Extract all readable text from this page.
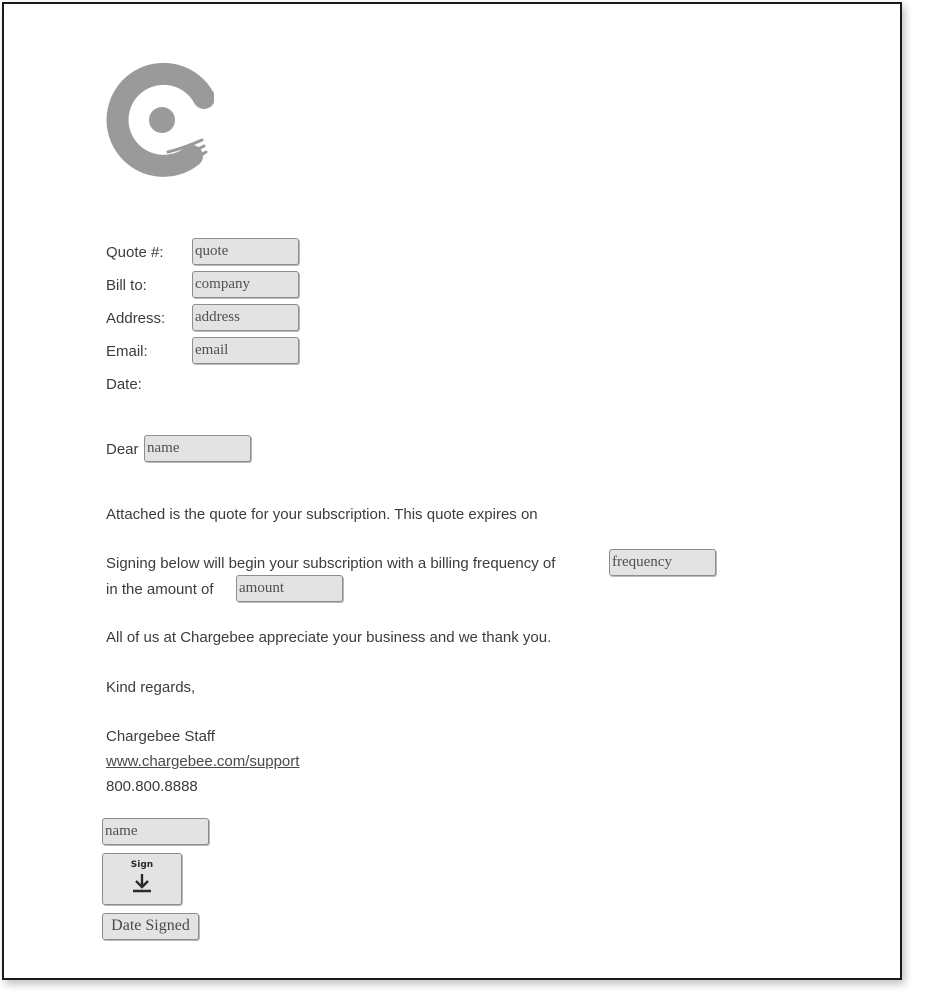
Quote #: quote
Bill to:	company
Address: address
Email:	email
Date:
Dear name
Attached is the quote for your subscription. This quote expires on
Signing below will begin your subscription with a billing frequency of	frequency
in the amount of amount
All of us at Chargebee appreciate your business and we thank you.
Kind regards,
Chargebee Staff
www.chargebee.com/support
800.800.8888
name
Sign
Date Signed
